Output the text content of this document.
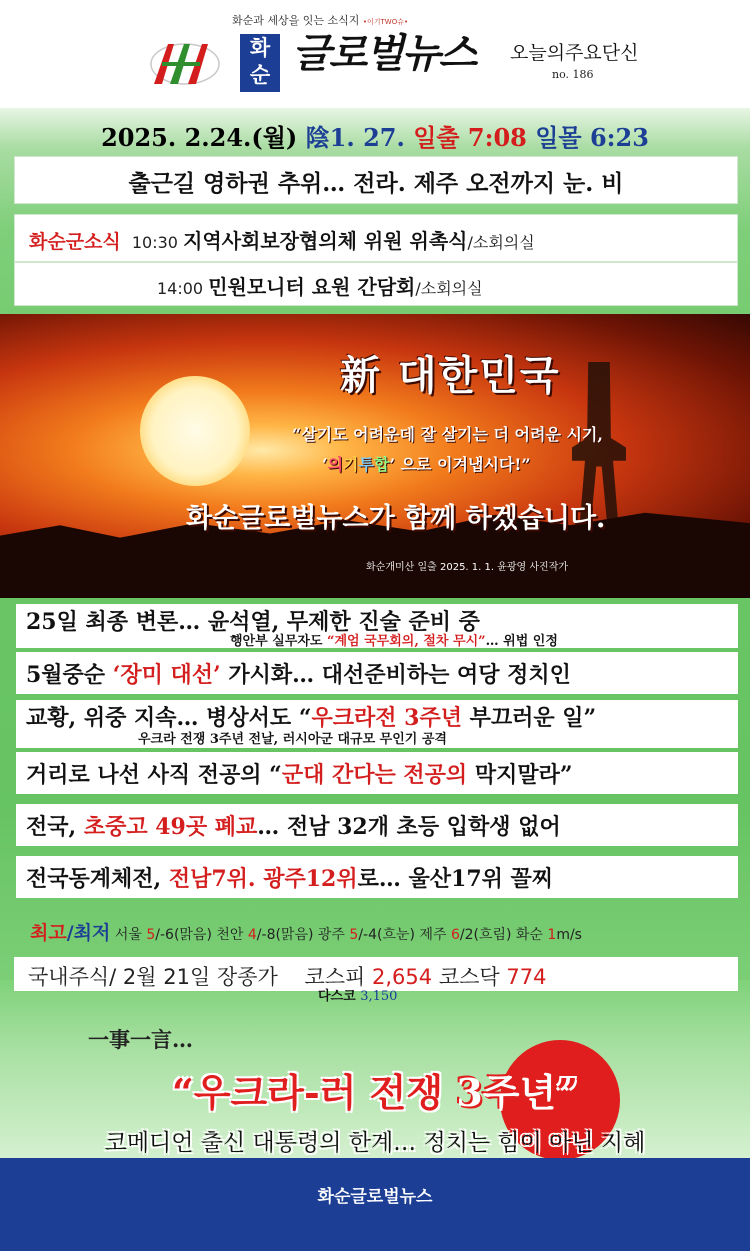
화순과 세상을 잇는 소식지 •이기TWO슈•
화
순 글로벌뉴스 오늘의주요단신
no. 186
2025. 2.24.(월) 陰1. 27. 일출 7:08 일몰 6:23
출근길 영하권 추위… 전라. 제주 오전까지 눈. 비
화순군소식 10:30 지역사회보장협의체 위원 위촉식/소회의실
14:00 민원모니터 요원 간담회/소회의실
新 대한민국
“살기도 어려운데 잘 살기는 더 어려운 시기,
‘의기투합’ 으로 이겨냅시다!”
화순글로벌뉴스가 함께 하겠습니다.
화순개미산 일출 2025. 1. 1. 윤광영 사진작가
25일 최종 변론… 윤석열, 무제한 진술 준비 중
행안부 실무자도 “계엄 국무회의, 절차 무시”… 위법 인정
5월중순 ‘장미 대선’ 가시화… 대선준비하는 여당 정치인
교황, 위중 지속… 병상서도 “우크라전 3주년 부끄러운 일”
우크라 전쟁 3주년 전날, 러시아군 대규모 무인기 공격
거리로 나선 사직 전공의 “군대 간다는 전공의 막지말라”
전국, 초중고 49곳 폐교… 전남 32개 초등 입학생 없어
전국동계체전, 전남7위. 광주12위로… 울산17위 꼴찌
최고/최저 서울 5/-6(맑음) 천안 4/-8(맑음) 광주 5/-4(흐눈) 제주 6/2(흐림) 화순 1m/s
국내주식/ 2월 21일 장종가 코스피 2,654 코스닥 774
다스코 3,150
一事一言…
“우크라-러 전쟁 3주년”
코메디언 출신 대통령의 한계… 정치는 힘이 아닌 지혜
화순글로벌뉴스
